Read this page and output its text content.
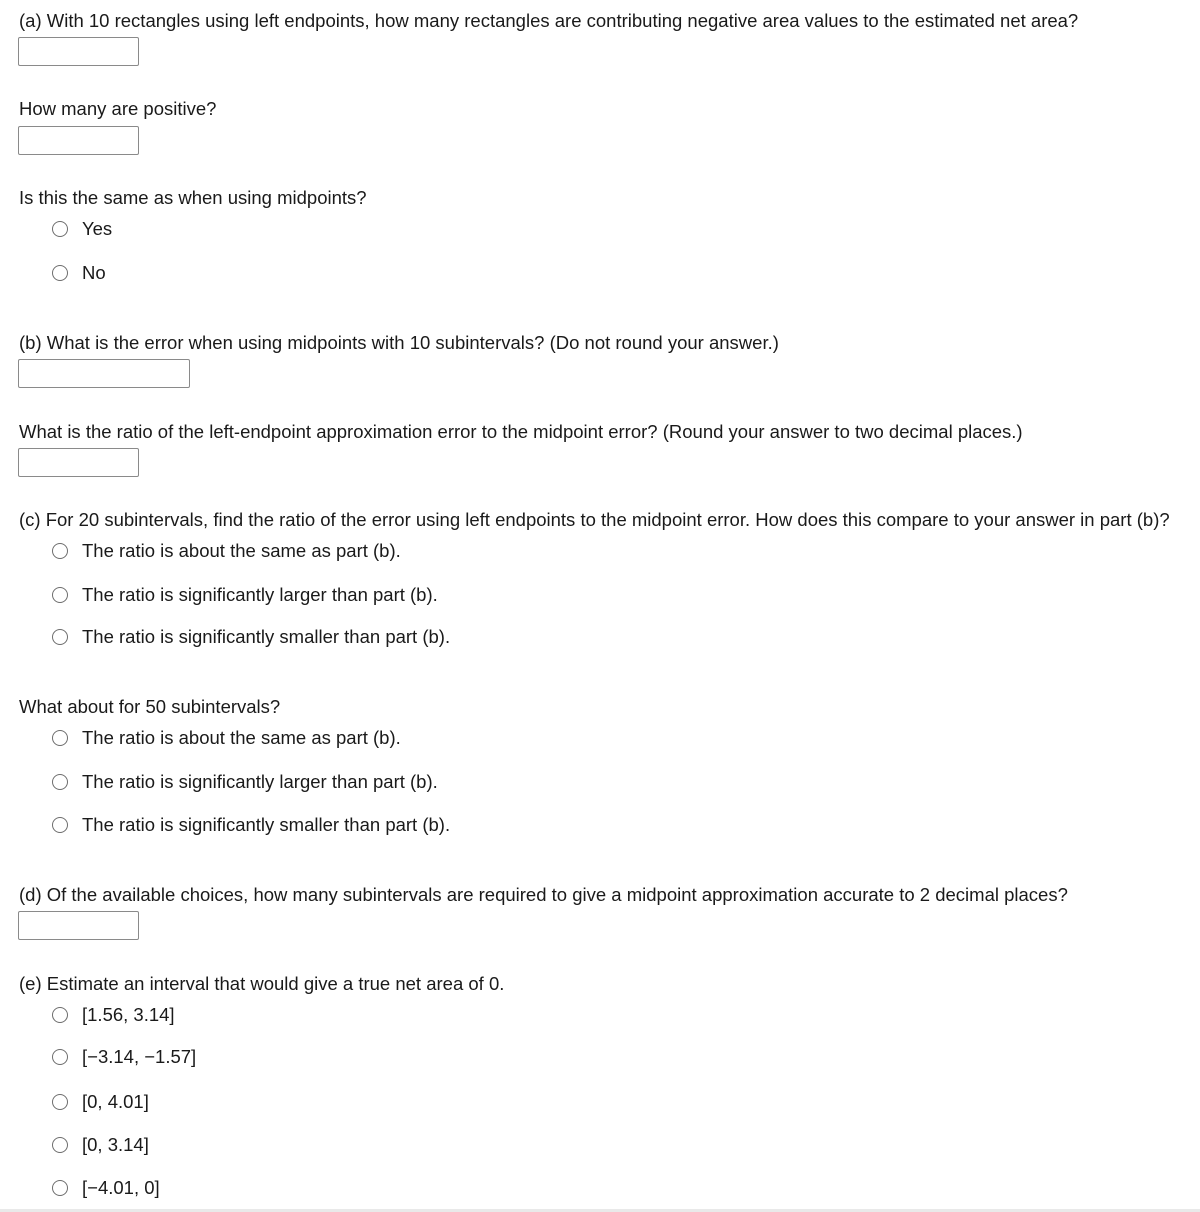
(a) With 10 rectangles using left endpoints, how many rectangles are contributing negative area values to the estimated net area?
How many are positive?
Is this the same as when using midpoints?
Yes
No
(b) What is the error when using midpoints with 10 subintervals? (Do not round your answer.)
What is the ratio of the left-endpoint approximation error to the midpoint error? (Round your answer to two decimal places.)
(c) For 20 subintervals, find the ratio of the error using left endpoints to the midpoint error. How does this compare to your answer in part (b)?
The ratio is about the same as part (b).
The ratio is significantly larger than part (b).
The ratio is significantly smaller than part (b).
What about for 50 subintervals?
The ratio is about the same as part (b).
The ratio is significantly larger than part (b).
The ratio is significantly smaller than part (b).
(d) Of the available choices, how many subintervals are required to give a midpoint approximation accurate to 2 decimal places?
(e) Estimate an interval that would give a true net area of 0.
[1.56, 3.14]
[−3.14, −1.57]
[0, 4.01]
[0, 3.14]
[−4.01, 0]
